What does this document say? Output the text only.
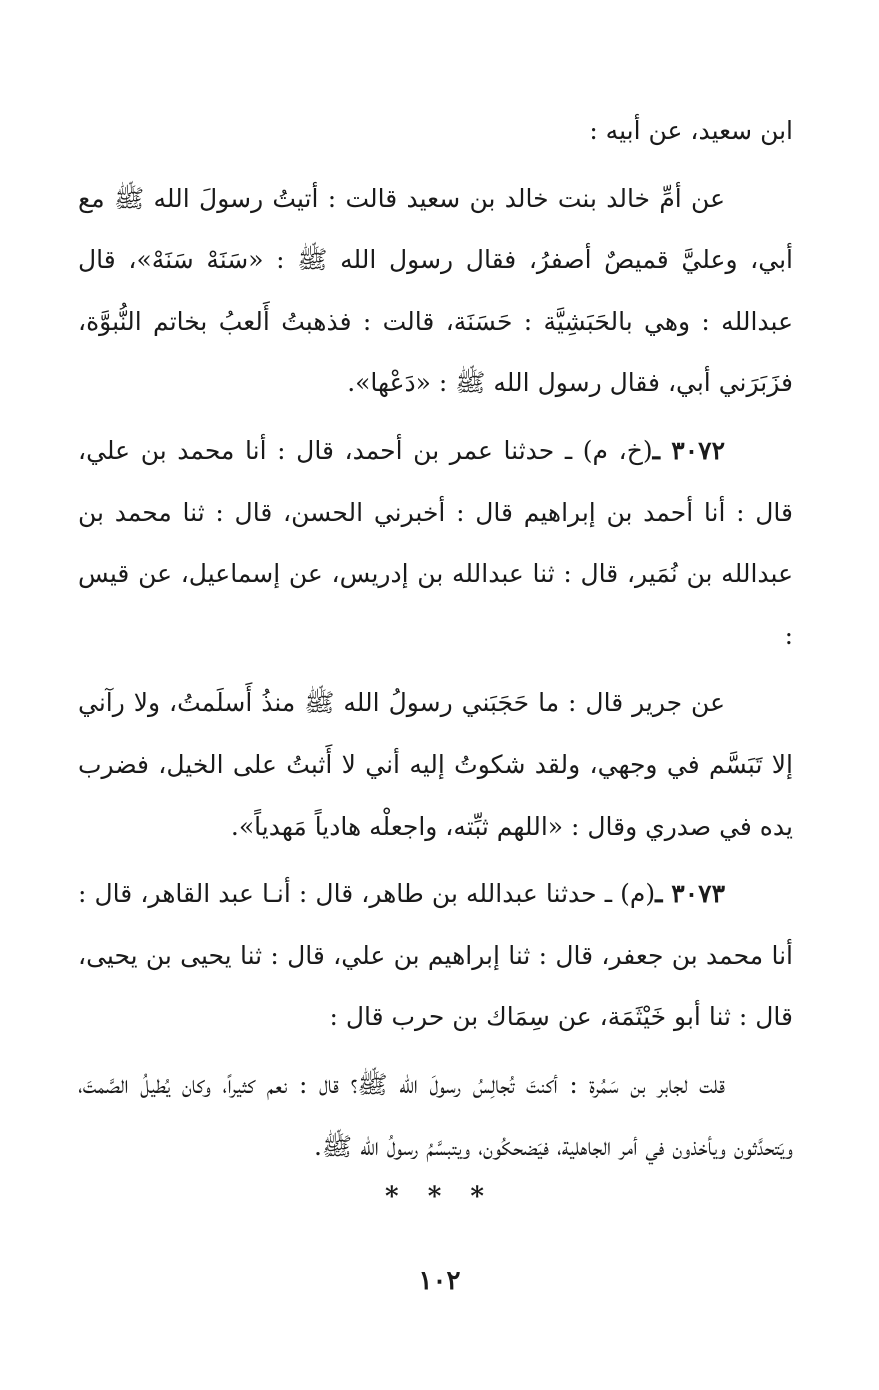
ابن سعيد، عن أبيه :

عن أمِّ خالد بنت خالد بن سعيد قالت : أتيتُ رسولَ الله ﷺ مع أبي، وعليَّ قميصٌ أصفرُ، فقال رسول الله ﷺ : «سَنَهْ سَنَهْ»، قال عبدالله : وهي بالحَبَشِيَّة : حَسَنَة، قالت : فذهبتُ أَلعبُ بخاتم النُّبوَّة، فزَبَرَني أبي، فقال رسول الله ﷺ : «دَعْها».

٣٠٧٢ ـ(خ، م) ـ حدثنا عمر بن أحمد، قال : أنا محمد بن علي، قال : أنا أحمد بن إبراهيم قال : أخبرني الحسن، قال : ثنا محمد بن عبدالله بن نُمَير، قال : ثنا عبدالله بن إدريس، عن إسماعيل، عن قيس :

عن جرير قال : ما حَجَبَني رسولُ الله ﷺ منذُ أَسلَمتُ، ولا رآني إلا تَبَسَّم في وجهي، ولقد شكوتُ إليه أني لا أَثبتُ على الخيل، فضرب يده في صدري وقال : «اللهم ثبِّته، واجعلْه هادياً مَهدياً».

٣٠٧٣ ـ(م) ـ حدثنا عبدالله بن طاهر، قال : أنـا عبد القاهر، قال : أنا محمد بن جعفر، قال : ثنا إبراهيم بن علي، قال : ثنا يحيى بن يحيى، قال : ثنا أبو خَيْثَمَة، عن سِمَاك بن حرب قال :

قلت لجابر بن سَمُرة : أكنتَ تُجالِسُ رسولَ الله ﷺ؟ قال : نعم كثيراً، وكان يُطيلُ الصَّمتَ، ويَتحدَّثون ويأخذون في أمر الجاهلية، فيَضحكُون، ويتبسَّمُ رسولُ الله ﷺ.

* * *
١٠٢
